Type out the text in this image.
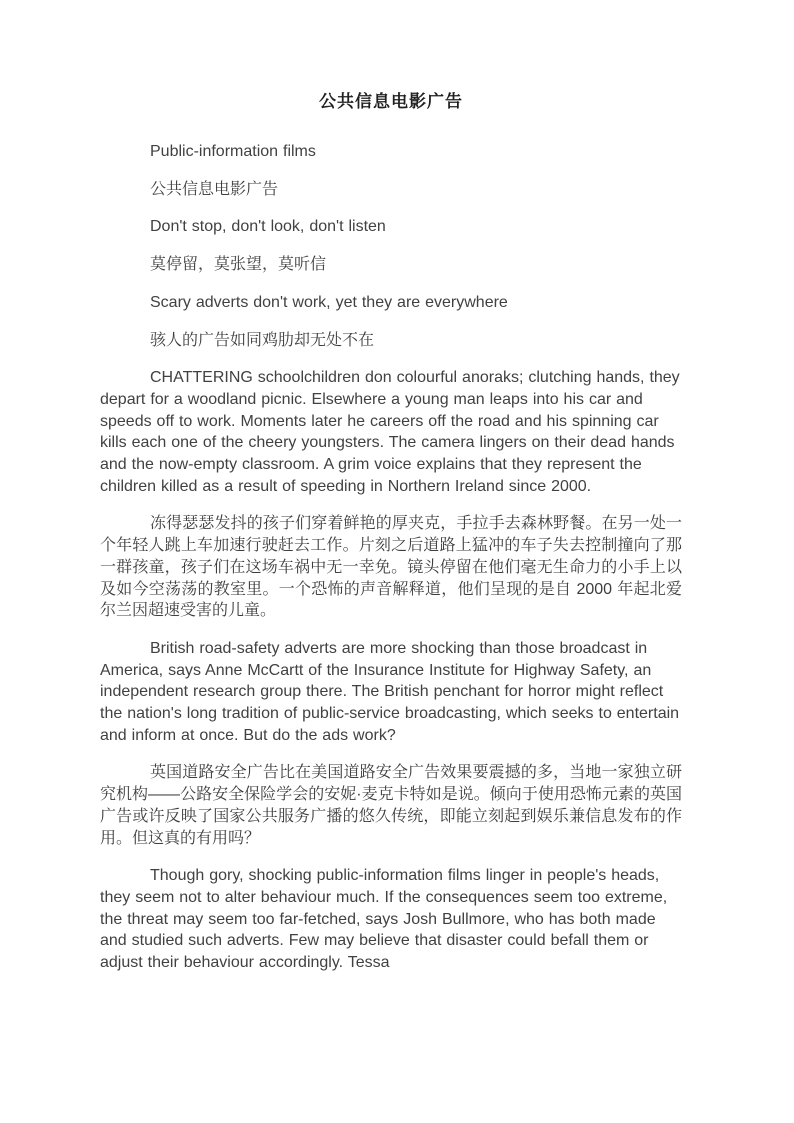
公共信息电影广告

Public-information films

公共信息电影广告

Don't stop, don't look, don't listen

莫停留，莫张望，莫听信

Scary adverts don't work, yet they are everywhere

骇人的广告如同鸡肋却无处不在

CHATTERING schoolchildren don colourful anoraks; clutching hands, they depart for a woodland picnic. Elsewhere a young man leaps into his car and speeds off to work. Moments later he careers off the road and his spinning car kills each one of the cheery youngsters. The camera lingers on their dead hands and the now-empty classroom. A grim voice explains that they represent the children killed as a result of speeding in Northern Ireland since 2000.

冻得瑟瑟发抖的孩子们穿着鲜艳的厚夹克，手拉手去森林野餐。在另一处一个年轻人跳上车加速行驶赶去工作。片刻之后道路上猛冲的车子失去控制撞向了那一群孩童，孩子们在这场车祸中无一幸免。镜头停留在他们毫无生命力的小手上以及如今空荡荡的教室里。一个恐怖的声音解释道，他们呈现的是自 2000 年起北爱尔兰因超速受害的儿童。

British road-safety adverts are more shocking than those broadcast in America, says Anne McCartt of the Insurance Institute for Highway Safety, an independent research group there. The British penchant for horror might reflect the nation's long tradition of public-service broadcasting, which seeks to entertain and inform at once. But do the ads work?

英国道路安全广告比在美国道路安全广告效果要震撼的多，当地一家独立研究机构——公路安全保险学会的安妮·麦克卡特如是说。倾向于使用恐怖元素的英国广告或许反映了国家公共服务广播的悠久传统，即能立刻起到娱乐兼信息发布的作用。但这真的有用吗？

Though gory, shocking public-information films linger in people's heads, they seem not to alter behaviour much. If the consequences seem too extreme, the threat may seem too far-fetched, says Josh Bullmore, who has both made and studied such adverts. Few may believe that disaster could befall them or adjust their behaviour accordingly. Tessa
